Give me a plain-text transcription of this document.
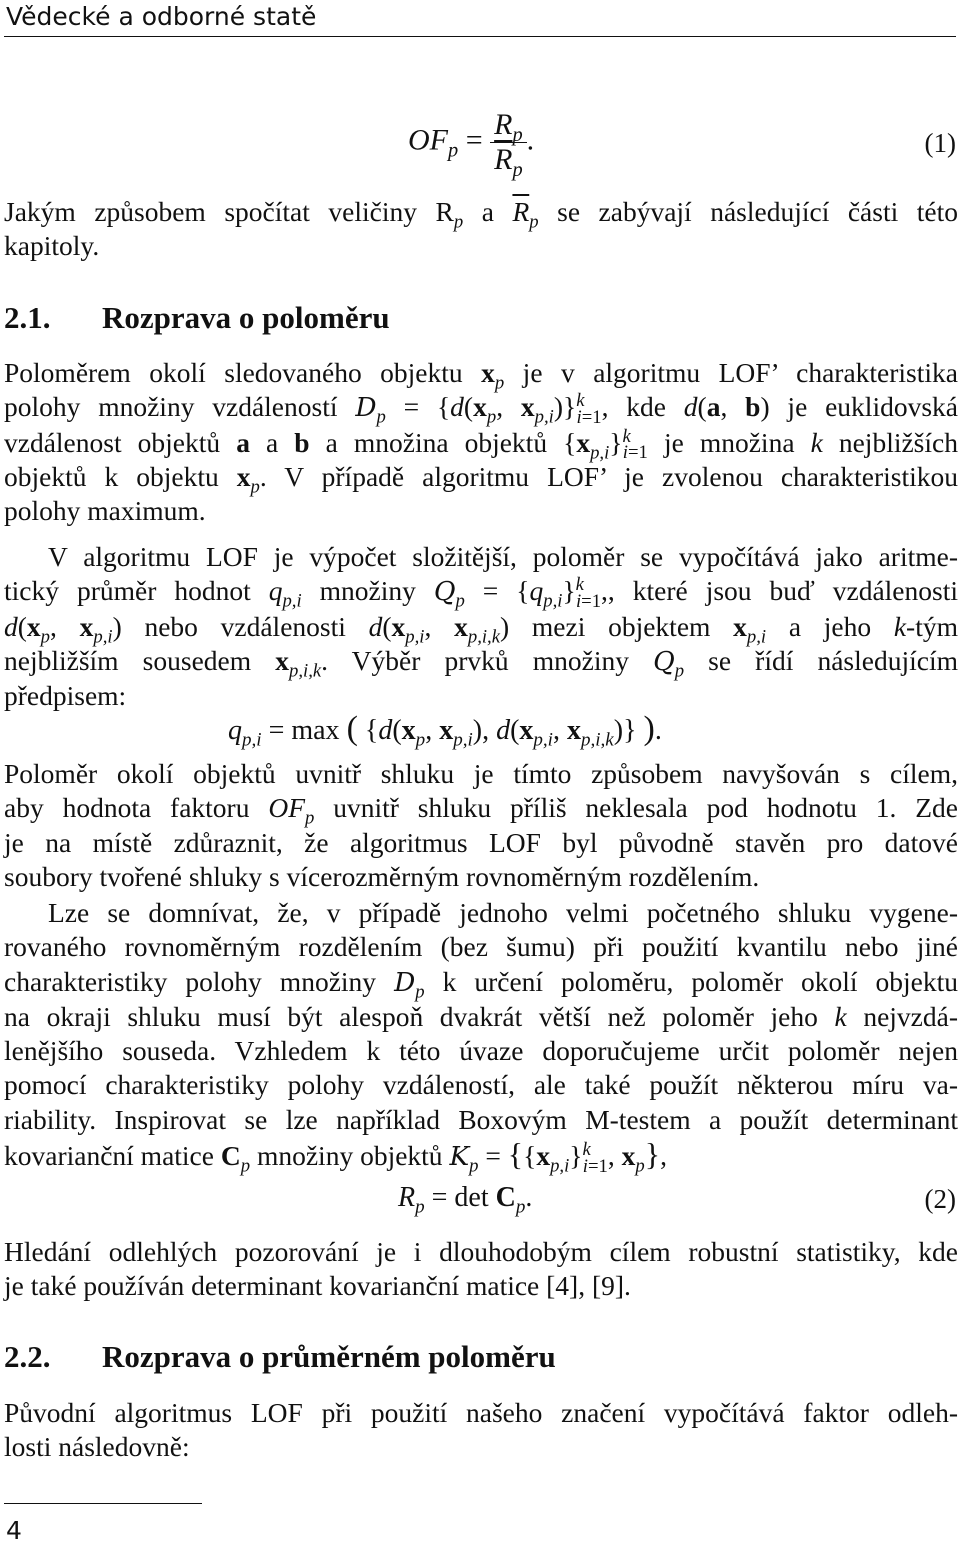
Vědecké a odborné statě
$OF_p = \frac{R_p}{\overline{R}_p}$ .	(1)
Jakým způsobem spočítat veličiny $R_p$ a $\overline{R}_p$ se zabývají následující části této
kapitoly.
2.1. Rozprava o poloměru
Poloměrem okolí sledovaného objektu $x_p$ je v algoritmu LOF’ charakteristika
polohy množiny vzdáleností $D_p = \{d(x_p$, $x_{p,i})\}^k_{i=1}$, kde d(a, b) je euklidovská
vzdálenost objektů a a b a množina objektů $\{x_{p,i}\}^k_{i=1}$ je množina k nejbližších
objektů k objektu $x_p$. V případě algoritmu LOF’ je zvolenou charakteristikou
polohy maximum.
V algoritmu LOF je výpočet složitější, poloměr se vypočítává jako aritme-
tický průměr hodnot $q_{p,i}$ množiny $Q_p = \{q_{p,i}\}^k_{i=1}$,, které jsou buď vzdálenosti
$d(x_p$, $x_{p,i}$) nebo vzdálenosti $d(x_{p,i}$, $x_{p,i,k}$) mezi objektem $x_{p,i}$ a jeho k-tým
nejbližším sousedem $x_{p,i,k}$. Výběr prvků množiny $Q_p$ se řídí následujícím
předpisem:
$q_{p,i} = \max$ ( {$d(x_p$, $x_{p,i}$), $d(x_{p,i}$, $x_{p,i,k}$)} ).
Poloměr okolí objektů uvnitř shluku je tímto způsobem navyšován s cílem,
aby hodnota faktoru $OF_p$ uvnitř shluku příliš neklesala pod hodnotu 1. Zde
je na místě zdůraznit, že algoritmus LOF byl původně stavěn pro datové
soubory tvořené shluky s vícerozměrným rovnoměrným rozdělením.
Lze se domnívat, že, v případě jednoho velmi početného shluku vygene-
rovaného rovnoměrným rozdělením (bez šumu) při použití kvantilu nebo jiné
charakteristiky polohy množiny $D_p$ k určení poloměru, poloměr okolí objektu
na okraji shluku musí být alespoň dvakrát větší než poloměr jeho k nejvzdá-
lenějšího souseda. Vzhledem k této úvaze doporučujeme určit poloměr nejen
pomocí charakteristiky polohy vzdáleností, ale také použít některou míru va-
riability. Inspirovat se lze například Boxovým M-testem a použít determinant
kovarianční matice $C_p$ množiny objektů $K_p = \{\{x_{p,i}\}^k_{i=1}$, $x_p$},
$R_p = \det C_p$.	(2)
Hledání odlehlých pozorování je i dlouhodobým cílem robustní statistiky, kde
je také používán determinant kovarianční matice [4], [9].
2.2. Rozprava o průměrném poloměru
Původní algoritmus LOF při použití našeho značení vypočítává faktor odleh-
losti následovně:
4
